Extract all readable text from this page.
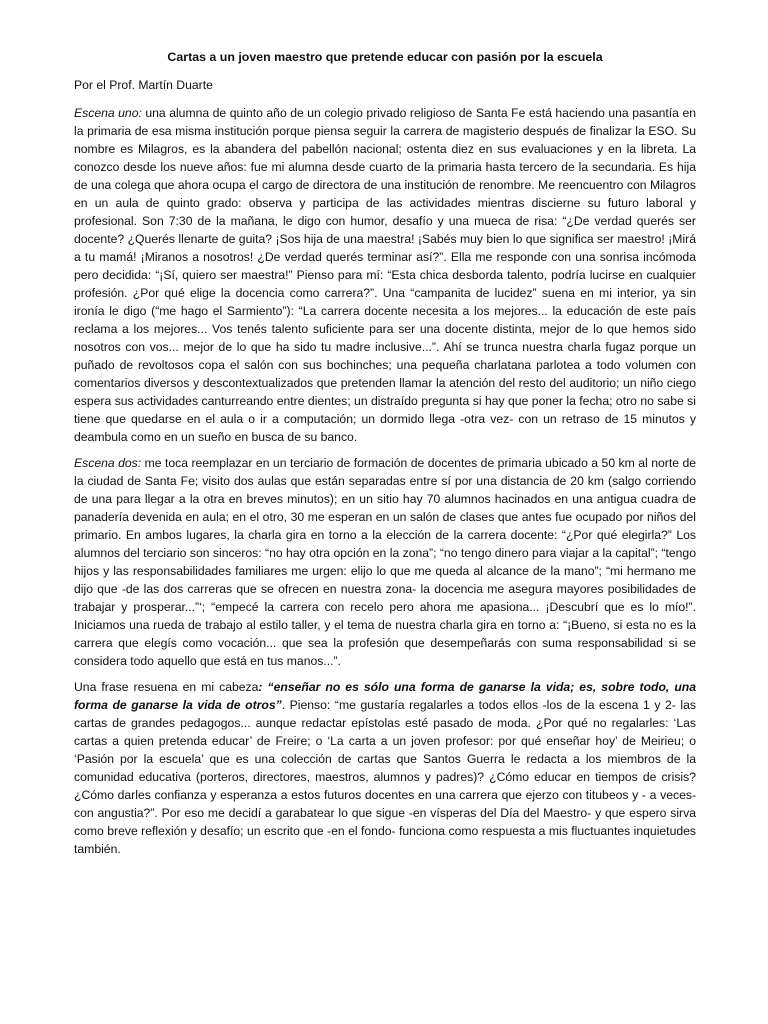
Cartas a un joven maestro que pretende educar con pasión por la escuela

Por el Prof. Martín Duarte

Escena uno: una alumna de quinto año de un colegio privado religioso de Santa Fe está haciendo una pasantía en la primaria de esa misma institución porque piensa seguir la carrera de magisterio después de finalizar la ESO. Su nombre es Milagros, es la abandera del pabellón nacional; ostenta diez en sus evaluaciones y en la libreta. La conozco desde los nueve años: fue mi alumna desde cuarto de la primaria hasta tercero de la secundaria. Es hija de una colega que ahora ocupa el cargo de directora de una institución de renombre. Me reencuentro con Milagros en un aula de quinto grado: observa y participa de las actividades mientras discierne su futuro laboral y profesional. Son 7:30 de la mañana, le digo con humor, desafío y una mueca de risa: “¿De verdad querés ser docente? ¿Querés llenarte de guita? ¡Sos hija de una maestra! ¡Sabés muy bien lo que significa ser maestro! ¡Mirá a tu mamá! ¡Miranos a nosotros! ¿De verdad querés terminar así?”. Ella me responde con una sonrisa incómoda pero decidida: “¡Sí, quiero ser maestra!” Pienso para mí: “Esta chica desborda talento, podría lucirse en cualquier profesión. ¿Por qué elige la docencia como carrera?”. Una “campanita de lucidez” suena en mi interior, ya sin ironía le digo (“me hago el Sarmiento”): “La carrera docente necesita a los mejores... la educación de este país reclama a los mejores... Vos tenés talento suficiente para ser una docente distinta, mejor de lo que hemos sido nosotros con vos... mejor de lo que ha sido tu madre inclusive...”. Ahí se trunca nuestra charla fugaz porque un puñado de revoltosos copa el salón con sus bochinches; una pequeña charlatana parlotea a todo volumen con comentarios diversos y descontextualizados que pretenden llamar la atención del resto del auditorio; un niño ciego espera sus actividades canturreando entre dientes; un distraído pregunta si hay que poner la fecha; otro no sabe si tiene que quedarse en el aula o ir a computación; un dormido llega -otra vez- con un retraso de 15 minutos y deambula como en un sueño en busca de su banco.

Escena dos: me toca reemplazar en un terciario de formación de docentes de primaria ubicado a 50 km al norte de la ciudad de Santa Fe; visito dos aulas que están separadas entre sí por una distancia de 20 km (salgo corriendo de una para llegar a la otra en breves minutos); en un sitio hay 70 alumnos hacinados en una antigua cuadra de panadería devenida en aula; en el otro, 30 me esperan en un salón de clases que antes fue ocupado por niños del primario. En ambos lugares, la charla gira en torno a la elección de la carrera docente: “¿Por qué elegirla?” Los alumnos del terciario son sinceros: “no hay otra opción en la zona”; “no tengo dinero para viajar a la capital”; “tengo hijos y las responsabilidades familiares me urgen: elijo lo que me queda al alcance de la mano”; “mi hermano me dijo que -de las dos carreras que se ofrecen en nuestra zona- la docencia me asegura mayores posibilidades de trabajar y prosperar...”‘; “empecé la carrera con recelo pero ahora me apasiona... ¡Descubrí que es lo mío!”. Iniciamos una rueda de trabajo al estilo taller, y el tema de nuestra charla gira en torno a: “¡Bueno, si esta no es la carrera que elegís como vocación... que sea la profesión que desempeñarás con suma responsabilidad si se considera todo aquello que está en tus manos...”.

Una frase resuena en mi cabeza: “enseñar no es sólo una forma de ganarse la vida; es, sobre todo, una forma de ganarse la vida de otros”. Pienso: “me gustaría regalarles a todos ellos -los de la escena 1 y 2- las cartas de grandes pedagogos... aunque redactar epístolas esté pasado de moda. ¿Por qué no regalarles: ‘Las cartas a quien pretenda educar’ de Freire; o ‘La carta a un joven profesor: por qué enseñar hoy’ de Meirieu; o ‘Pasión por la escuela’ que es una colección de cartas que Santos Guerra le redacta a los miembros de la comunidad educativa (porteros, directores, maestros, alumnos y padres)? ¿Cómo educar en tiempos de crisis? ¿Cómo darles confianza y esperanza a estos futuros docentes en una carrera que ejerzo con titubeos y - a veces- con angustia?”. Por eso me decidí a garabatear lo que sigue -en vísperas del Día del Maestro- y que espero sirva como breve reflexión y desafío; un escrito que -en el fondo- funciona como respuesta a mis fluctuantes inquietudes también.
